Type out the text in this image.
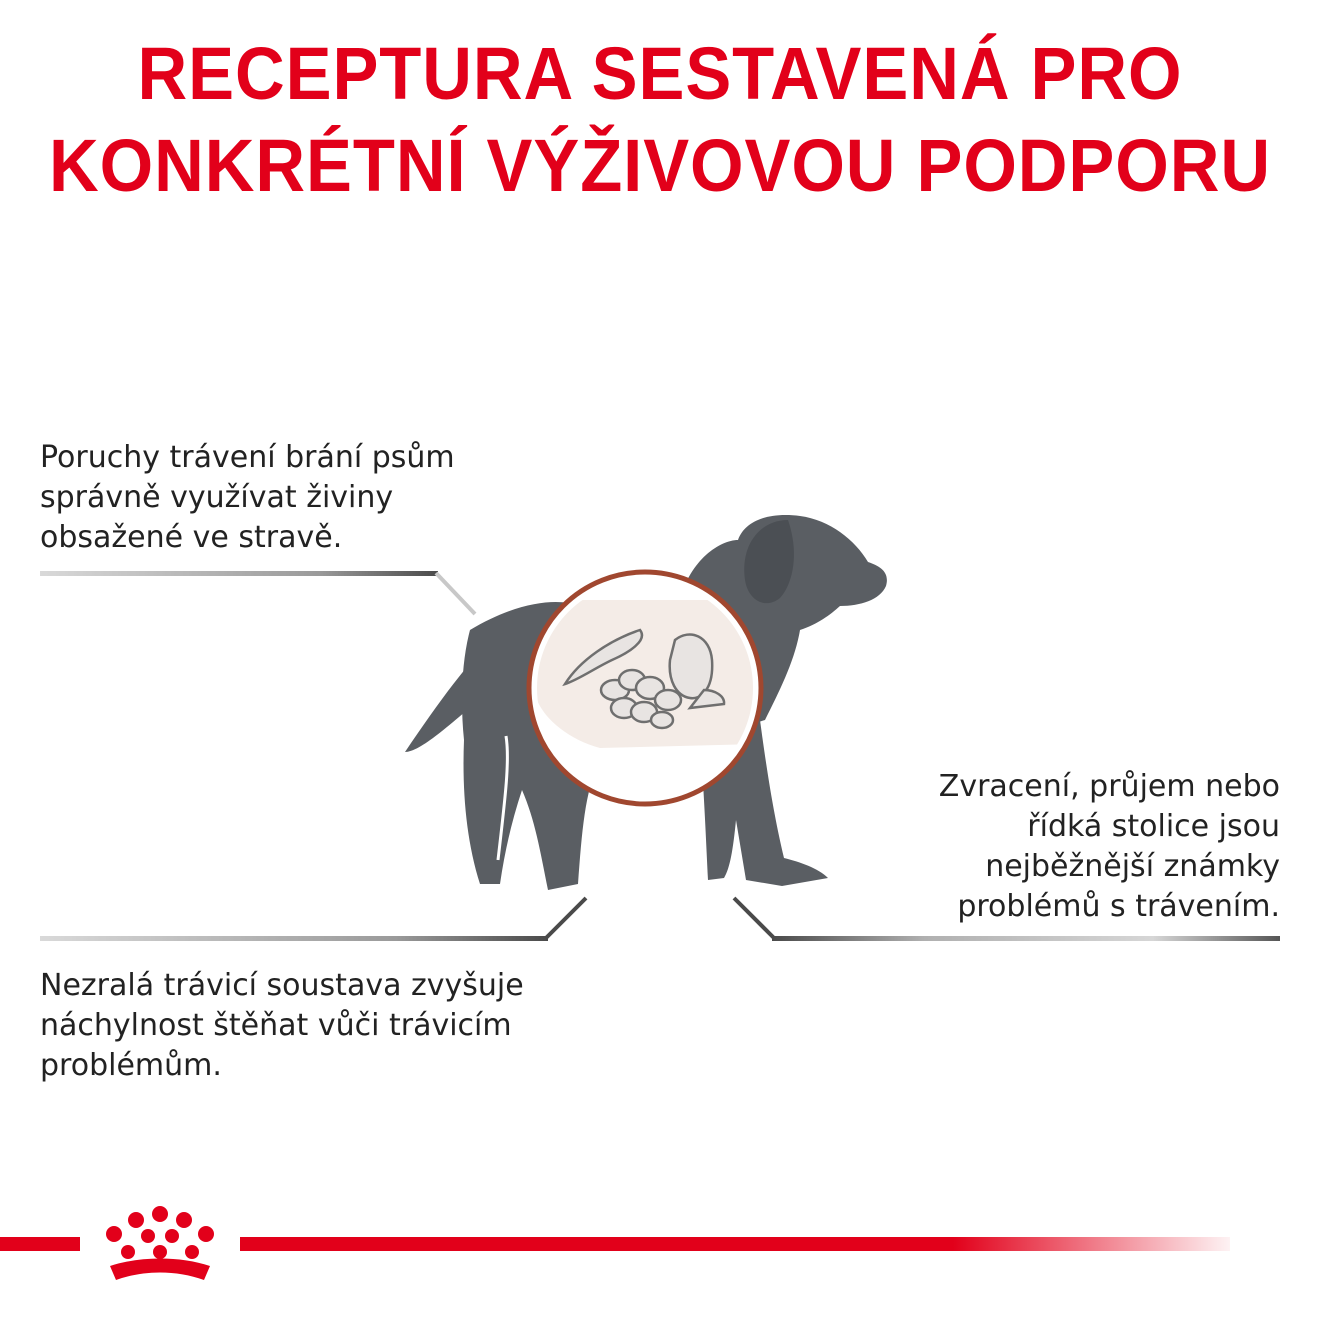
RECEPTURA SESTAVENÁ PRO
KONKRÉTNÍ VÝŽIVOVOU PODPORU
Poruchy trávení brání psům
správně využívat živiny
obsažené ve stravě.
Nezralá trávicí soustava zvyšuje
náchylnost štěňat vůči trávicím
problémům.
Zvracení, průjem nebo
řídká stolice jsou
nejběžnější známky
problémů s trávením.
